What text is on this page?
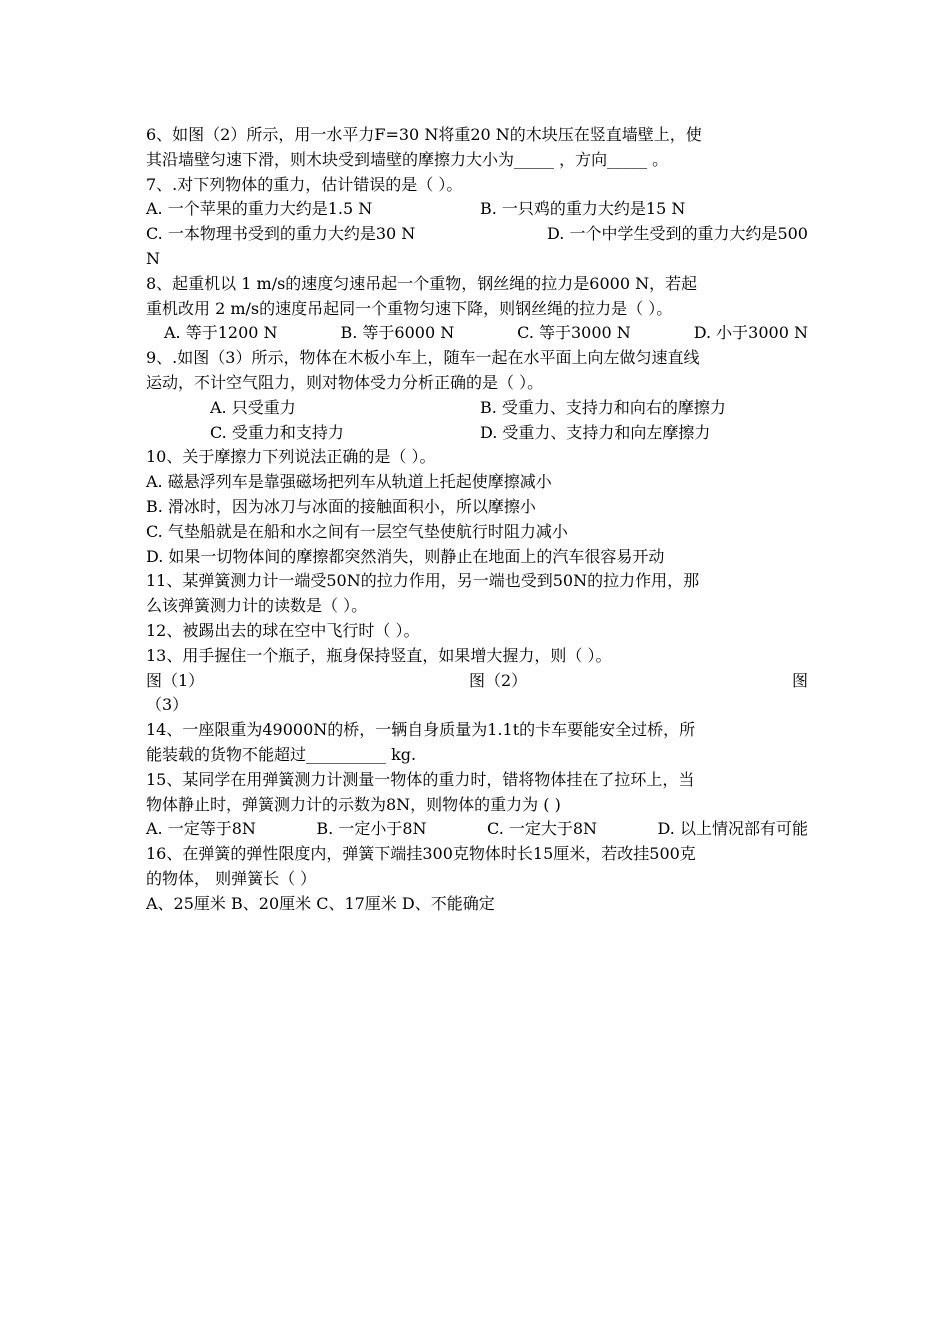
6、如图（2）所示，用一水平力F=30 N将重20 N的木块压在竖直墙壁上，使
其沿墙壁匀速下滑，则木块受到墙壁的摩擦力大小为_____ ，方向_____ 。
7、.对下列物体的重力，估计错误的是（ ）。
A. 一个苹果的重力大约是1.5 N	B. 一只鸡的重力大约是15 N
C. 一本物理书受到的重力大约是30 N	D. 一个中学生受到的重力大约是500
N
8、起重机以 1 m/s的速度匀速吊起一个重物，钢丝绳的拉力是6000 N，若起
重机改用 2 m/s的速度吊起同一个重物匀速下降，则钢丝绳的拉力是（ ）。
A. 等于1200 N	B. 等于6000 N	C. 等于3000 N	D. 小于3000 N
9、.如图（3）所示，物体在木板小车上，随车一起在水平面上向左做匀速直线
运动，不计空气阻力，则对物体受力分析正确的是（ ）。
A. 只受重力	B. 受重力、支持力和向右的摩擦力
C. 受重力和支持力	D. 受重力、支持力和向左摩擦力
10、关于摩擦力下列说法正确的是（ ）。
A. 磁悬浮列车是靠强磁场把列车从轨道上托起使摩擦减小
B. 滑冰时，因为冰刀与冰面的接触面积小，所以摩擦小
C. 气垫船就是在船和水之间有一层空气垫使航行时阻力减小
D. 如果一切物体间的摩擦都突然消失，则静止在地面上的汽车很容易开动
11、某弹簧测力计一端受50N的拉力作用，另一端也受到50N的拉力作用，那
么该弹簧测力计的读数是（ ）。
12、被踢出去的球在空中飞行时（ ）。
13、用手握住一个瓶子，瓶身保持竖直，如果增大握力，则（ ）。
图（1）	图（2）	图
（3）
14、一座限重为49000N的桥，一辆自身质量为1.1t的卡车要能安全过桥，所
能装载的货物不能超过__________ kg.
15、某同学在用弹簧测力计测量一物体的重力时，错将物体挂在了拉环上，当
物体静止时，弹簧测力计的示数为8N，则物体的重力为 ( )
A. 一定等于8N	B. 一定小于8N	C. 一定大于8N	D. 以上情况部有可能
16、在弹簧的弹性限度内，弹簧下端挂300克物体时长15厘米，若改挂500克
的物体， 则弹簧长（ ）
A、25厘米 B、20厘米 C、17厘米 D、不能确定
